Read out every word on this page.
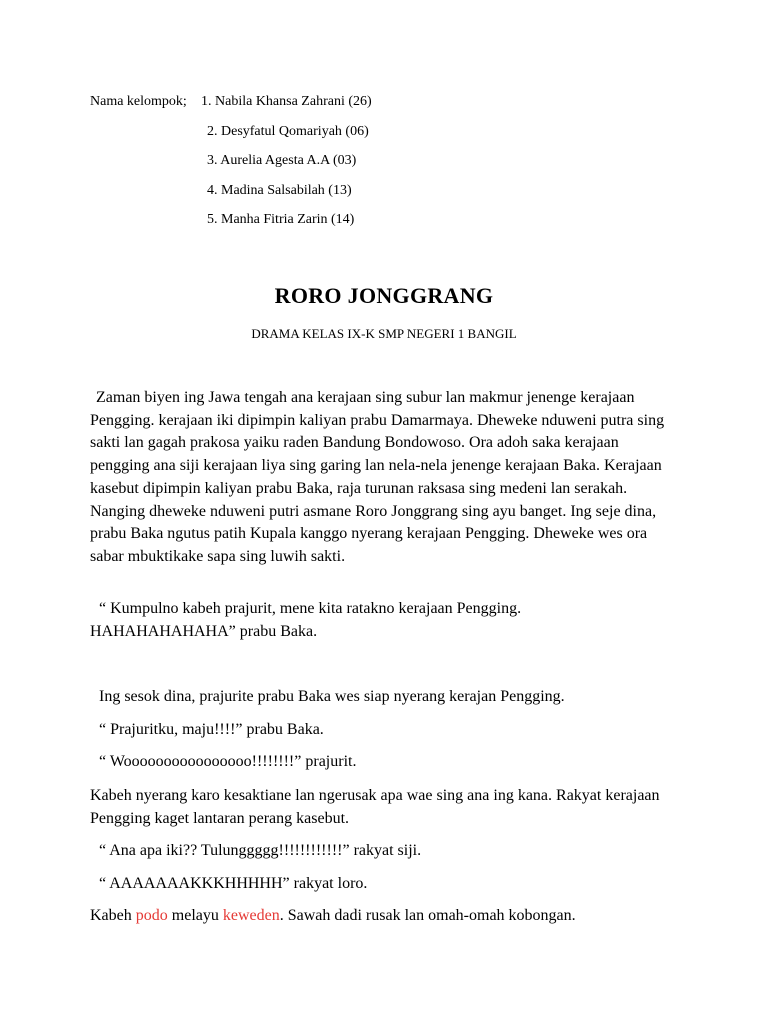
Nama kelompok; 1. Nabila Khansa Zahrani (26)
2. Desyfatul Qomariyah (06)
3. Aurelia Agesta A.A (03)
4. Madina Salsabilah (13)
5. Manha Fitria Zarin (14)
RORO JONGGRANG
DRAMA KELAS IX-K SMP NEGERI 1 BANGIL

Zaman biyen ing Jawa tengah ana kerajaan sing subur lan makmur jenenge kerajaan Pengging. kerajaan iki dipimpin kaliyan prabu Damarmaya. Dheweke nduweni putra sing sakti lan gagah prakosa yaiku raden Bandung Bondowoso. Ora adoh saka kerajaan pengging ana siji kerajaan liya sing garing lan nela-nela jenenge kerajaan Baka. Kerajaan kasebut dipimpin kaliyan prabu Baka, raja turunan raksasa sing medeni lan serakah. Nanging dheweke nduweni putri asmane Roro Jonggrang sing ayu banget. Ing seje dina, prabu Baka ngutus patih Kupala kanggo nyerang kerajaan Pengging. Dheweke wes ora sabar mbuktikake sapa sing luwih sakti.

“ Kumpulno kabeh prajurit, mene kita ratakno kerajaan Pengging. HAHAHAHAHAHA” prabu Baka.

Ing sesok dina, prajurite prabu Baka wes siap nyerang kerajan Pengging.

“ Prajuritku, maju!!!!” prabu Baka.

“ Woooooooooooooooo!!!!!!!!” prajurit.

Kabeh nyerang karo kesaktiane lan ngerusak apa wae sing ana ing kana. Rakyat kerajaan Pengging kaget lantaran perang kasebut.

“ Ana apa iki?? Tulunggggg!!!!!!!!!!!!” rakyat siji.

“ AAAAAAAKKKHHHHH” rakyat loro.

Kabeh podo melayu keweden. Sawah dadi rusak lan omah-omah kobongan.
